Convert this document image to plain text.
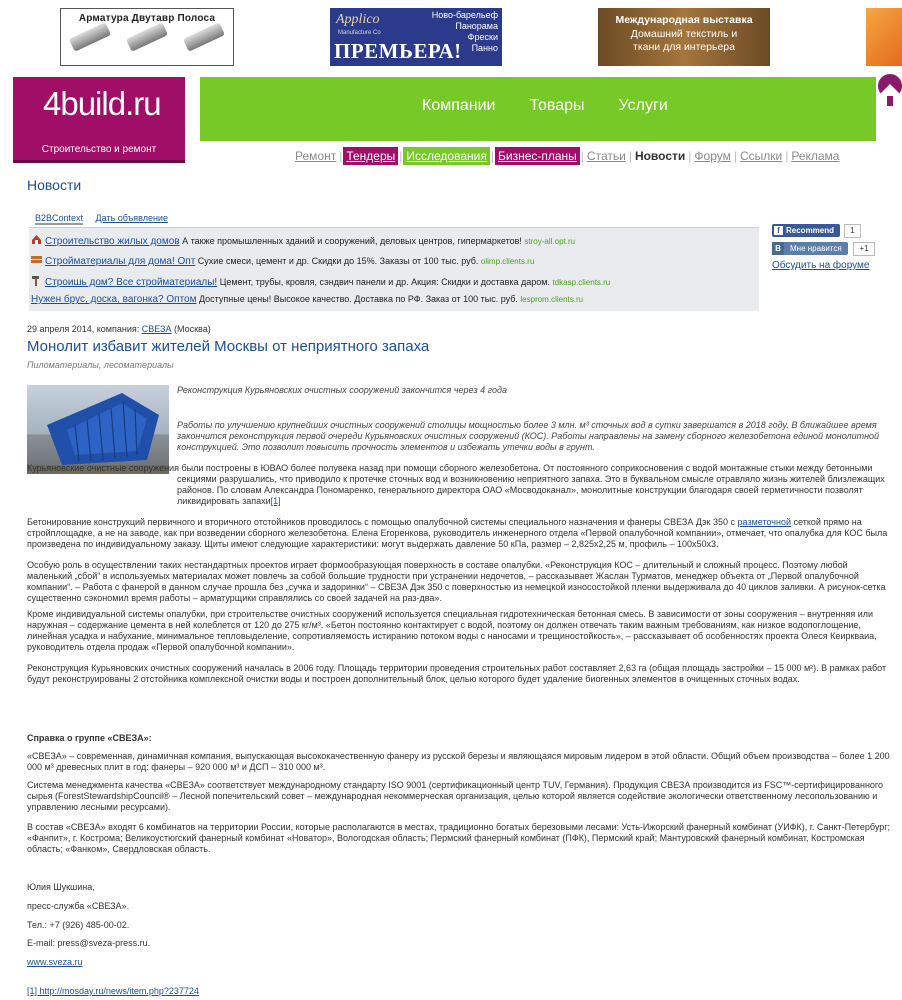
Арматура Двутавр Полоса	Applico
Manufacture Co
Ново-барельеф
Панорама
Фрески
Панно
ПРЕМЬЕРА!
Международная выставка
Домашний текстиль и
ткани для интерьера
4build.ru
Строительство и ремонт
Компании Товары Услуги
Ремонт | Тендеры | Исследования | Бизнес-планы | Статьи | Новости | Форум | Ссылки | Реклама
Новости
B2BContext Дать объявление
Строительство жилых домов А также промышленных зданий и сооружений, деловых центров, гипермаркетов! stroy-all.opt.ru
Стройматериалы для дома! Опт Сухие смеси, цемент и др. Скидки до 15%. Заказы от 100 тыс. руб. olimp.clients.ru
Строишь дом? Все стройматериалы! Цемент, трубы, кровля, сэндвич панели и др. Акция: Скидки и доставка даром. tdkasp.clients.ru
Нужен брус, доска, вагонка? Оптом Доступные цены! Высокое качество. Доставка по РФ. Заказ от 100 тыс. руб. lesprom.clients.ru
f Recommend	1
В Мне нравится	+1
Обсудить на форуме
29 апреля 2014, компания: СВЕЗА (Москва)
Монолит избавит жителей Москвы от неприятного запаха
Пиломатериалы, лесоматериалы
Реконструкция Курьяновских очистных сооружений закончится через 4 года
Работы по улучшению крупнейших очистных сооружений столицы мощностью более 3 млн. м³ сточных вод в сутки завершатся в 2018 году. В ближайшее время закончится реконструкция первой очереди Курьяновских очистных сооружений (КОС). Работы направлены на замену сборного железобетона единой монолитной конструкцией. Это позволит повысить прочность элементов и избежать утечки воды в грунт.
Курьяновские очистные сооружения были построены в ЮВАО более полувека назад при помощи сборного железобетона. От постоянного соприкосновения с водой монтажные стыки между бетонными секциями разрушались, что приводило к протечке сточных вод и возникновению неприятного запаха. Это в буквальном смысле отравляло жизнь жителей близлежащих районов. По словам Александра Пономаренко, генерального директора ОАО «Мосводоканал», монолитные конструкции благодаря своей герметичности позволят ликвидировать запахи[1]
Бетонирование конструкций первичного и вторичного отстойников проводилось с помощью опалубочной системы специального назначения и фанеры СВЕЗА Дэк 350 с разметочной сеткой прямо на стройплощадке, а не на заводе, как при возведении сборного железобетона. Елена Егоренкова, руководитель инженерного отдела «Первой опалубочной компании», отмечает, что опалубка для КОС была произведена по индивидуальному заказу. Щиты имеют следующие характеристики: могут выдержать давление 50 кПа, размер – 2,825x2,25 м, профиль – 100x50x3.
Особую роль в осуществлении таких нестандартных проектов играет формообразующая поверхность в составе опалубки. «Реконструкция КОС – длительный и сложный процесс. Поэтому любой маленький „сбой“ в используемых материалах может повлечь за собой большие трудности при устранении недочетов, – рассказывает Жаслан Турматов, менеджер объекта от „Первой опалубочной компании“. – Работа с фанерой в данном случае прошла без „сучка и задоринки“ – СВЕЗА Дэк 350 с поверхностью из немецкой износостойкой пленки выдерживала до 40 циклов заливки. А рисунок-сетка существенно сэкономил время работы – арматурщики справлялись со своей задачей на раз-два».
Кроме индивидуальной системы опалубки, при строительстве очистных сооружений используется специальная гидротехническая бетонная смесь. В зависимости от зоны сооружения – внутренняя или наружная – содержание цемента в ней колеблется от 120 до 275 кг/м³. «Бетон постоянно контактирует с водой, поэтому он должен отвечать таким важным требованиям, как низкое водопоглощение, линейная усадка и набухание, минимальное тепловыделение, сопротивляемость истиранию потоком воды с наносами и трещиностойкость», – рассказывает об особенностях проекта Олеся Кеиркваиа, руководитель отдела продаж «Первой опалубочной компании».
Реконструкция Курьяновских очистных сооружений началась в 2006 году. Площадь территории проведения строительных работ составляет 2,63 га (общая площадь застройки – 15 000 м²). В рамках работ будут реконструированы 2 отстойника комплексной очистки воды и построен дополнительный блок, целью которого будет удаление биогенных элементов в очищенных сточных водах.
Справка о группе «СВЕЗА»:
«СВЕЗА» – современная, динамичная компания, выпускающая высококачественную фанеру из русской березы и являющаяся мировым лидером в этой области. Общий объем производства – более 1 200 000 м³ древесных плит в год: фанеры – 920 000 м³ и ДСП – 310 000 м³.
Система менеджмента качества «СВЕЗА» соответствует международному стандарту ISO 9001 (сертификационный центр TUV, Германия). Продукция СВЕЗА производится из FSC™-сертифицированного сырья (ForestStewardshipCouncil® – Лесной попечительский совет – международная некоммерческая организация, целью которой является содействие экологически ответственному лесопользованию и управлению лесными ресурсами).
В состав «СВЕЗА» входят 6 комбинатов на территории России, которые располагаются в местах, традиционно богатых березовыми лесами: Усть-Ижорский фанерный комбинат (УИФК), г. Санкт-Петербург; «Фанпит», г. Кострома; Великоустюгский фанерный комбинат «Новатор», Вологодская область; Пермский фанерный комбинат (ПФК), Пермский край; Мантуровский фанерный комбинат, Костромская область; «Фанком», Свердловская область.
Юлия Шукшина,
пресс-служба «СВЕЗА».
Тел.: +7 (926) 485-00-02.
E-mail: press@sveza-press.ru.
www.sveza.ru
[1] http://mosday.ru/news/item.php?237724
